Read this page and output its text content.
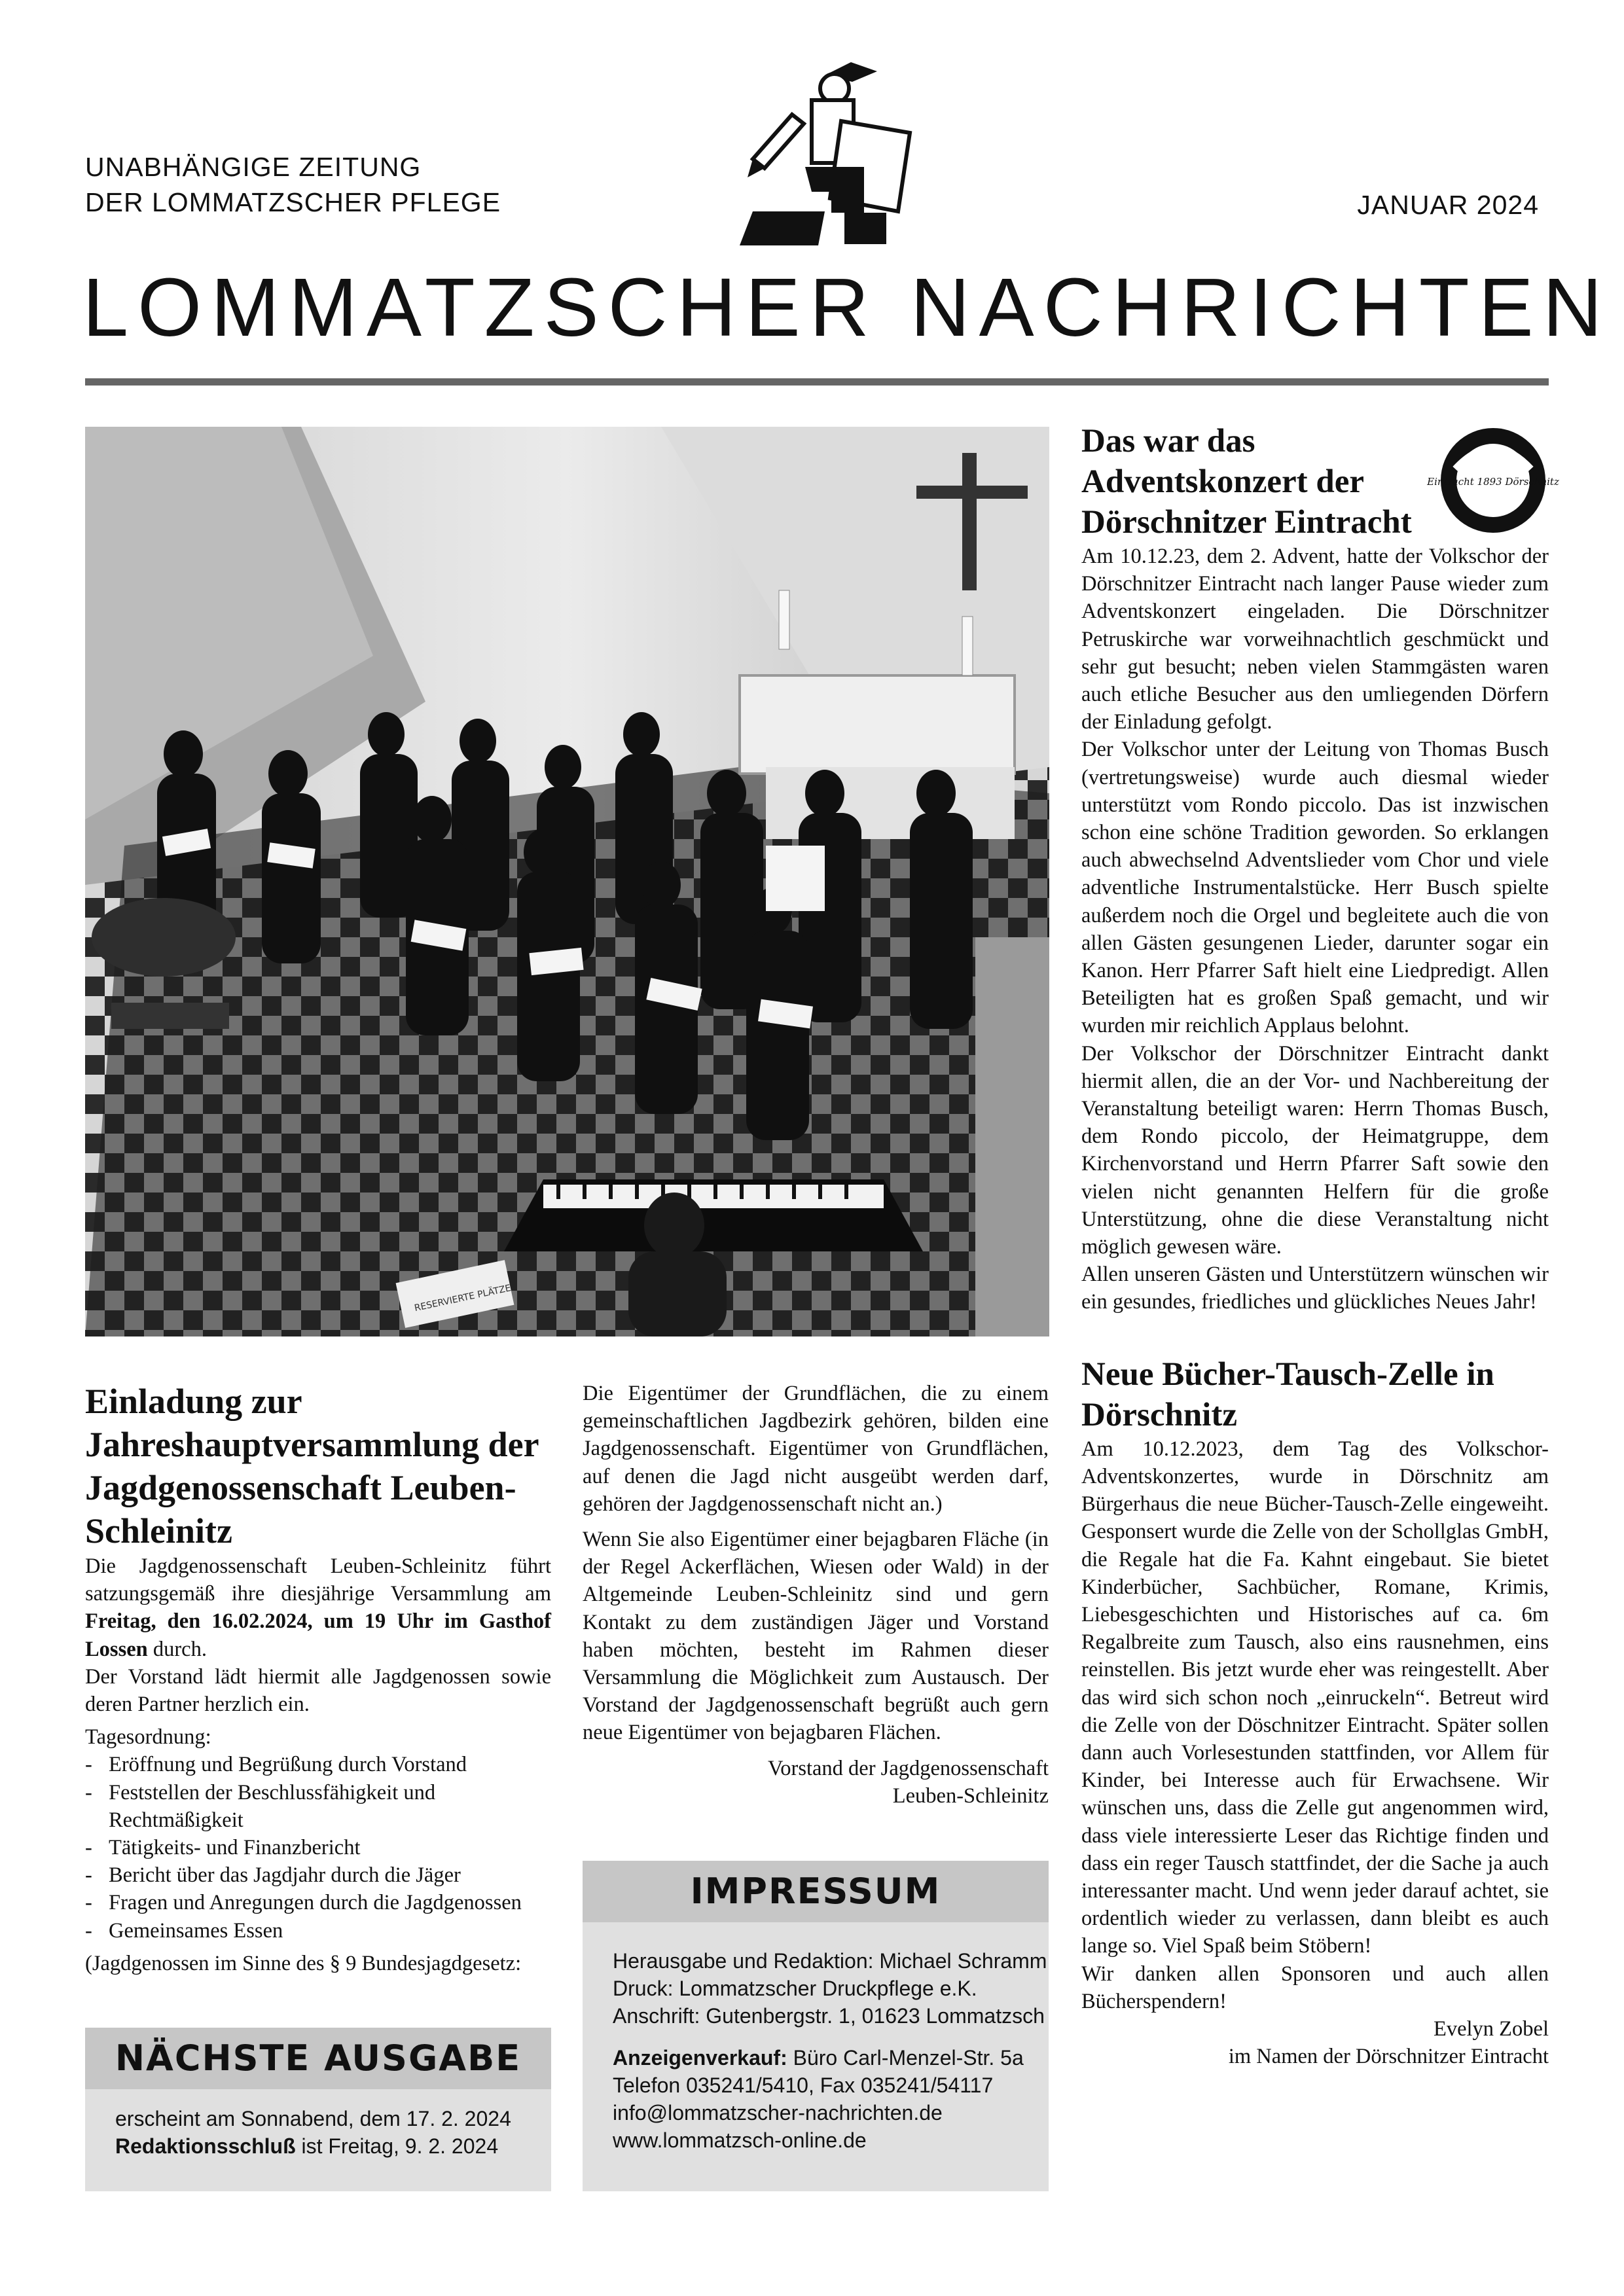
UNABHÄNGIGE ZEITUNG
DER LOMMATZSCHER PFLEGE	JANUAR 2024
LOMMATZSCHER NACHRICHTEN
RESERVIERTE PLÄTZE
Eintracht 1893 Dörschnitz
3
Das war das Adventskonzert der Dörschnitzer Eintracht

Am 10.12.23, dem 2. Advent, hatte der Volkschor der Dörschnitzer Eintracht nach langer Pause wieder zum Adventskonzert eingeladen. Die Dörschnitzer Petruskirche war vorweihnachtlich geschmückt und sehr gut besucht; neben vielen Stammgästen waren auch etliche Besucher aus den umliegenden Dörfern der Einladung gefolgt.

Der Volkschor unter der Leitung von Thomas Busch (vertretungsweise) wurde auch diesmal wieder unterstützt vom Rondo piccolo. Das ist inzwischen schon eine schöne Tradition geworden. So erklangen auch abwechselnd Adventslieder vom Chor und viele adventliche Instrumentalstücke. Herr Busch spielte außerdem noch die Orgel und begleitete auch die von allen Gästen gesungenen Lieder, darunter sogar ein Kanon. Herr Pfarrer Saft hielt eine Liedpredigt. Allen Beteiligten hat es großen Spaß gemacht, und wir wurden mir reichlich Applaus belohnt.

Der Volkschor der Dörschnitzer Eintracht dankt hiermit allen, die an der Vor- und Nachbereitung der Veranstaltung beteiligt waren: Herrn Thomas Busch, dem Rondo piccolo, der Heimatgruppe, dem Kirchenvorstand und Herrn Pfarrer Saft sowie den vielen nicht genannten Helfern für die große Unterstützung, ohne die diese Veranstaltung nicht möglich gewesen wäre.

Allen unseren Gästen und Unterstützern wünschen wir ein gesundes, friedliches und glückliches Neues Jahr!

Neue Bücher-Tausch-Zelle in Dörschnitz

Am 10.12.2023, dem Tag des Volkschor-Adventskonzertes, wurde in Dörschnitz am Bürgerhaus die neue Bücher-Tausch-Zelle eingeweiht. Gesponsert wurde die Zelle von der Schollglas GmbH, die Regale hat die Fa. Kahnt eingebaut. Sie bietet Kinderbücher, Sachbücher, Romane, Krimis, Liebesgeschichten und Historisches auf ca. 6m Regalbreite zum Tausch, also eins rausnehmen, eins reinstellen. Bis jetzt wurde eher was reingestellt. Aber das wird sich schon noch „einruckeln“. Betreut wird die Zelle von der Döschnitzer Eintracht. Später sollen dann auch Vorlesestunden stattfinden, vor Allem für Kinder, bei Interesse auch für Erwachsene. Wir wünschen uns, dass die Zelle gut angenommen wird, dass viele interessierte Leser das Richtige finden und dass ein reger Tausch stattfindet, der die Sache ja auch interessanter macht. Und wenn jeder darauf achtet, sie ordentlich wieder zu verlassen, dann bleibt es auch lange so. Viel Spaß beim Stöbern!

Wir danken allen Sponsoren und auch allen Bücherspendern!

Evelyn Zobel

im Namen der Dörschnitzer Eintracht

Einladung zur Jahreshauptversammlung der Jagdgenossenschaft Leuben-Schleinitz

Die Jagdgenossenschaft Leuben-Schleinitz führt satzungsgemäß ihre diesjährige Versammlung am Freitag, den 16.02.2024, um 19 Uhr im Gasthof Lossen durch.

Der Vorstand lädt hiermit alle Jagdgenossen sowie deren Partner herzlich ein.

Tagesordnung:

- Eröffnung und Begrüßung durch Vorstand
- Feststellen der Beschlussfähigkeit und Rechtmäßigkeit
- Tätigkeits- und Finanzbericht
- Bericht über das Jagdjahr durch die Jäger
- Fragen und Anregungen durch die Jagdgenossen
- Gemeinsames Essen

(Jagdgenossen im Sinne des § 9 Bundesjagdgesetz:

Die Eigentümer der Grundflächen, die zu einem gemeinschaftlichen Jagdbezirk gehören, bilden eine Jagdgenossenschaft. Eigentümer von Grundflächen, auf denen die Jagd nicht ausgeübt werden darf, gehören der Jagdgenossenschaft nicht an.)

Wenn Sie also Eigentümer einer bejagbaren Fläche (in der Regel Ackerflächen, Wiesen oder Wald) in der Altgemeinde Leuben-Schleinitz sind und gern Kontakt zu dem zuständigen Jäger und Vorstand haben möchten, besteht im Rahmen dieser Versammlung die Möglichkeit zum Austausch. Der Vorstand der Jagdgenossenschaft begrüßt auch gern neue Eigentümer von bejagbaren Flächen.

Vorstand der Jagdgenossenschaft

Leuben-Schleinitz

NÄCHSTE AUSGABE
erscheint am Sonnabend, dem 17. 2. 2024
Redaktionsschluß ist Freitag, 9. 2. 2024
IMPRESSUM
Herausgabe und Redaktion: Michael Schramm
Druck: Lommatzscher Druckpflege e.K.
Anschrift: Gutenbergstr. 1, 01623 Lommatzsch
Anzeigenverkauf: Büro Carl-Menzel-Str. 5a
Telefon 035241/5410, Fax 035241/54117
info@lommatzscher-nachrichten.de
www.lommatzsch-online.de
